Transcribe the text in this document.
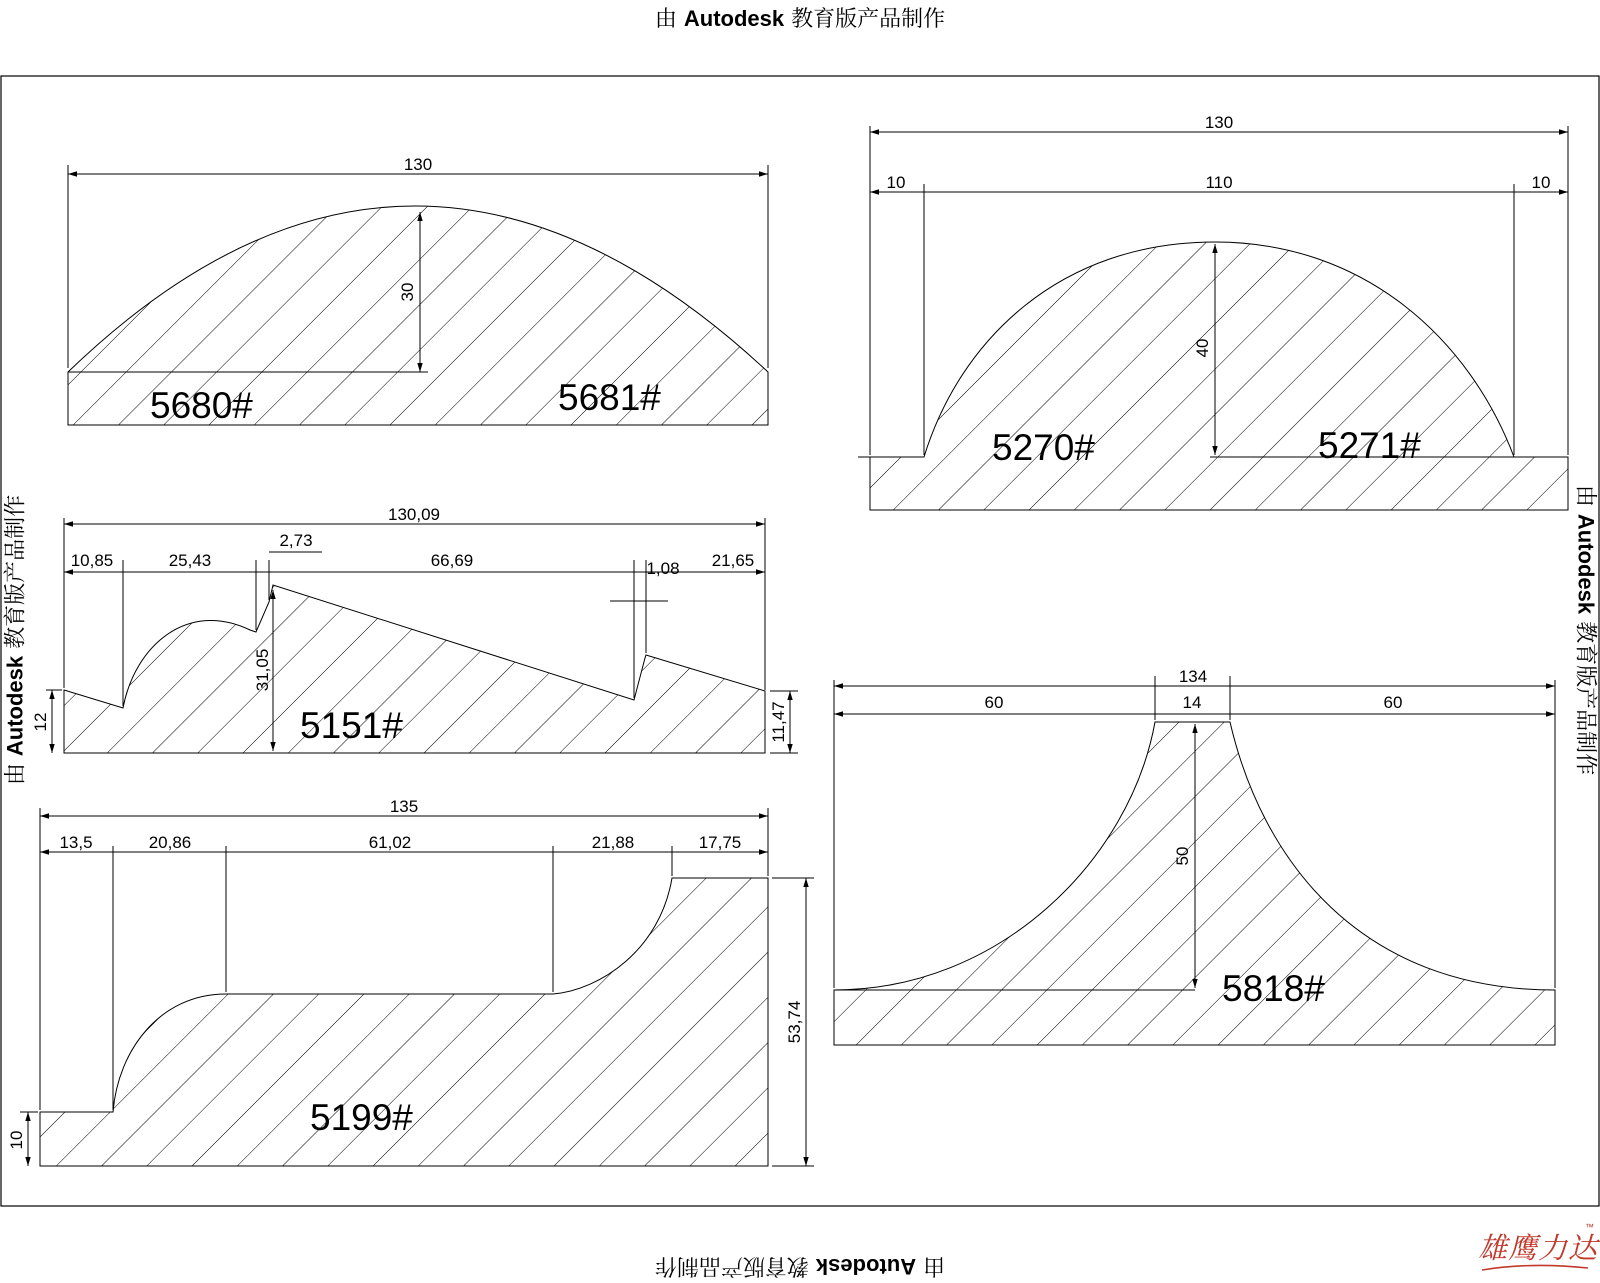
由 Autodesk 教育版产品制作
由 Autodesk 教育版产品制作	由 Autodesk 教育版产品制作
由 Autodesk 教育版产品制作
130
30
130
10	110	10
40
130,09
10,85	25,43
2,73
66,69	1,08 21,65
12
31,05
11,47
135
13,5	20,86	61,02	21,88	17,75
10
53,74
134
60	14	60
50
5680#	5681#
5270#	5271#
5151#
5199#
5818#
雄鹰力达
™
